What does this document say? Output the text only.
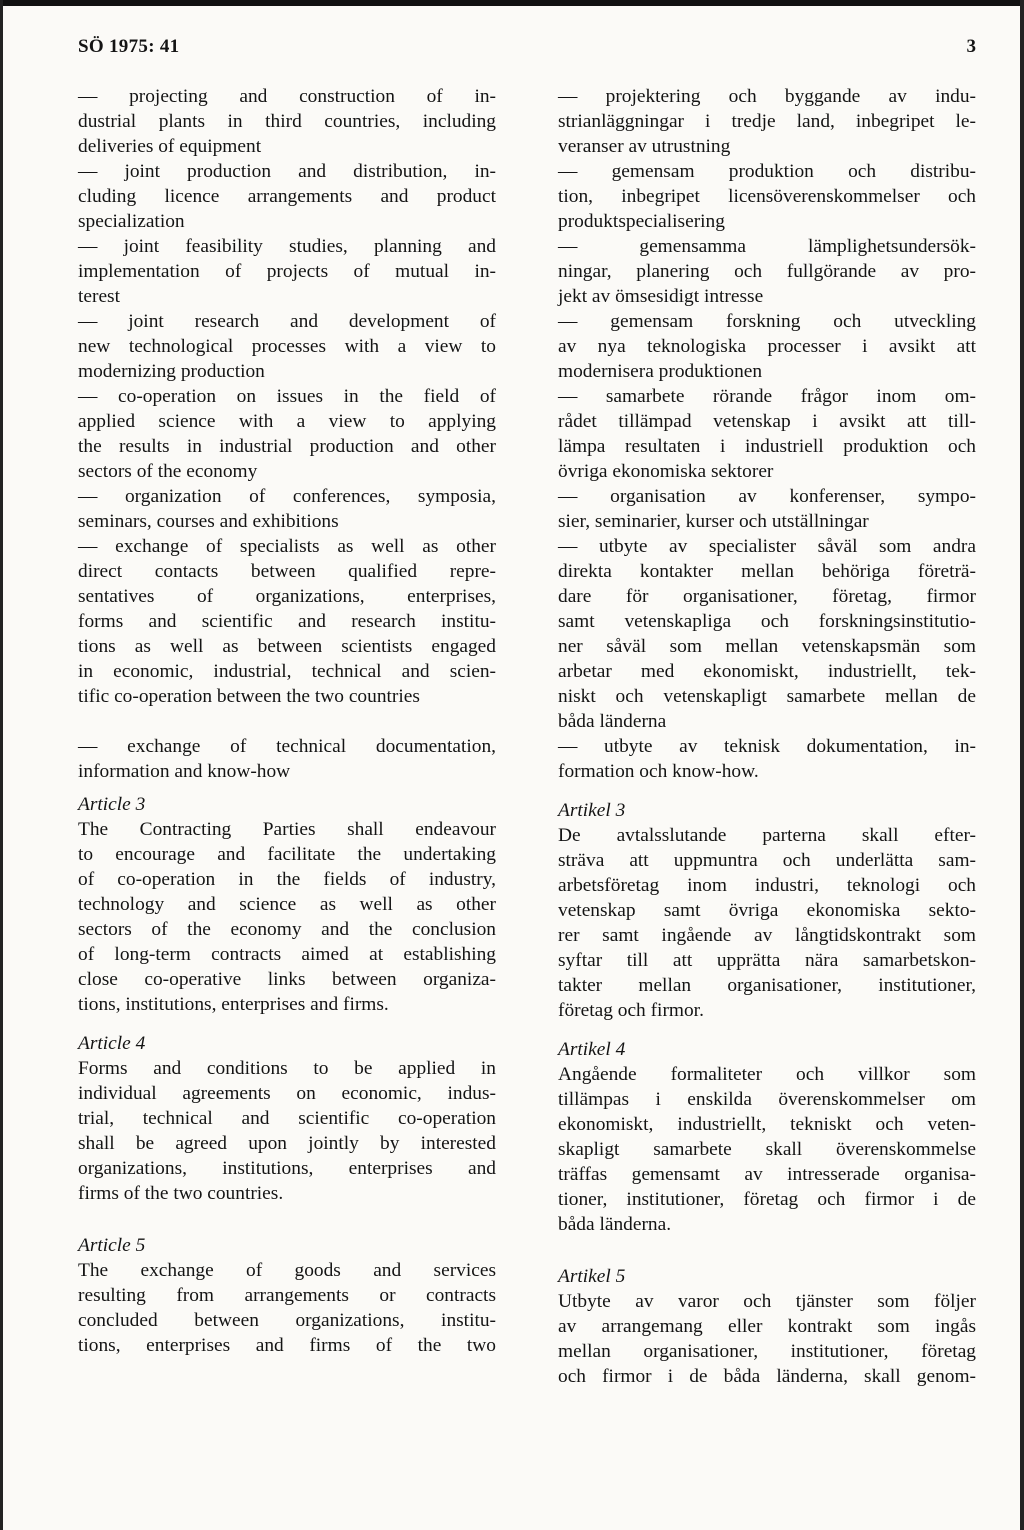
SÖ 1975: 41	3
— projecting and construction of in-
dustrial plants in third countries, including
deliveries of equipment
— joint production and distribution, in-
cluding licence arrangements and product
specialization
— joint feasibility studies, planning and
implementation of projects of mutual in-
terest
— joint research and development of
new technological processes with a view to
modernizing production
— co-operation on issues in the field of
applied science with a view to applying
the results in industrial production and other
sectors of the economy
— organization of conferences, symposia,
seminars, courses and exhibitions
— exchange of specialists as well as other
direct contacts between qualified repre-
sentatives of organizations, enterprises,
forms and scientific and research institu-
tions as well as between scientists engaged
in economic, industrial, technical and scien-
tific co-operation between the two countries
— exchange of technical documentation,
information and know-how
Article 3
The Contracting Parties shall endeavour
to encourage and facilitate the undertaking
of co-operation in the fields of industry,
technology and science as well as other
sectors of the economy and the conclusion
of long-term contracts aimed at establishing
close co-operative links between organiza-
tions, institutions, enterprises and firms.
Article 4
Forms and conditions to be applied in
individual agreements on economic, indus-
trial, technical and scientific co-operation
shall be agreed upon jointly by interested
organizations, institutions, enterprises and
firms of the two countries.
Article 5
The exchange of goods and services
resulting from arrangements or contracts
concluded between organizations, institu-
tions, enterprises and firms of the two
— projektering och byggande av indu-
strianläggningar i tredje land, inbegripet le-
veranser av utrustning
— gemensam produktion och distribu-
tion, inbegripet licensöverenskommelser och
produktspecialisering
— gemensamma lämplighetsundersök-
ningar, planering och fullgörande av pro-
jekt av ömsesidigt intresse
— gemensam forskning och utveckling
av nya teknologiska processer i avsikt att
modernisera produktionen
— samarbete rörande frågor inom om-
rådet tillämpad vetenskap i avsikt att till-
lämpa resultaten i industriell produktion och
övriga ekonomiska sektorer
— organisation av konferenser, sympo-
sier, seminarier, kurser och utställningar
— utbyte av specialister såväl som andra
direkta kontakter mellan behöriga företrä-
dare för organisationer, företag, firmor
samt vetenskapliga och forskningsinstitutio-
ner såväl som mellan vetenskapsmän som
arbetar med ekonomiskt, industriellt, tek-
niskt och vetenskapligt samarbete mellan de
båda länderna
— utbyte av teknisk dokumentation, in-
formation och know-how.
Artikel 3
De avtalsslutande parterna skall efter-
sträva att uppmuntra och underlätta sam-
arbetsföretag inom industri, teknologi och
vetenskap samt övriga ekonomiska sekto-
rer samt ingående av långtidskontrakt som
syftar till att upprätta nära samarbetskon-
takter mellan organisationer, institutioner,
företag och firmor.
Artikel 4
Angående formaliteter och villkor som
tillämpas i enskilda överenskommelser om
ekonomiskt, industriellt, tekniskt och veten-
skapligt samarbete skall överenskommelse
träffas gemensamt av intresserade organisa-
tioner, institutioner, företag och firmor i de
båda länderna.
Artikel 5
Utbyte av varor och tjänster som följer
av arrangemang eller kontrakt som ingås
mellan organisationer, institutioner, företag
och firmor i de båda länderna, skall genom-
